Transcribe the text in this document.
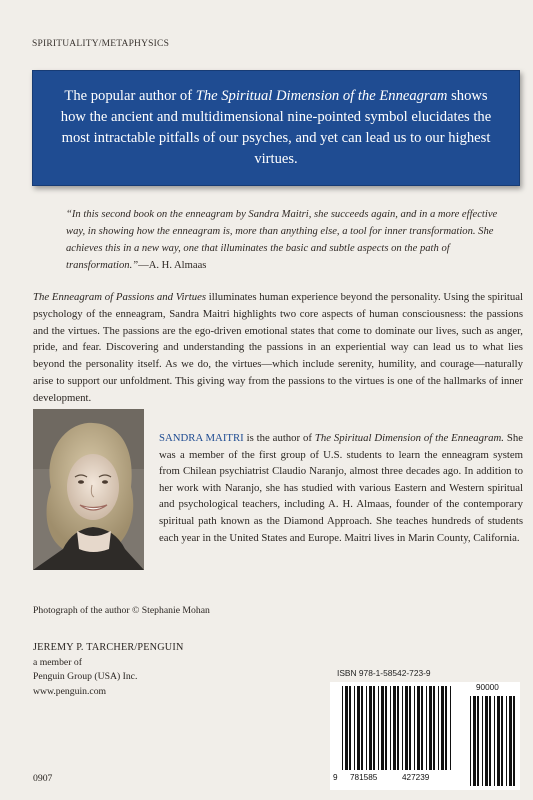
SPIRITUALITY/METAPHYSICS
The popular author of The Spiritual Dimension of the Enneagram shows how the ancient and multidimensional nine-pointed symbol elucidates the most intractable pitfalls of our psyches, and yet can lead us to our highest virtues.
“In this second book on the enneagram by Sandra Maitri, she succeeds again, and in a more effective way, in showing how the enneagram is, more than anything else, a tool for inner transformation. She achieves this in a new way, one that illuminates the basic and subtle aspects on the path of transformation.”—A. H. Almaas
The Enneagram of Passions and Virtues illuminates human experience beyond the personality. Using the spiritual psychology of the enneagram, Sandra Maitri highlights two core aspects of human consciousness: the passions and the virtues. The passions are the ego-driven emotional states that come to dominate our lives, such as anger, pride, and fear. Discovering and understanding the passions in an experiential way can lead us to what lies beyond the personality itself. As we do, the virtues—which include serenity, humility, and courage—naturally arise to support our unfoldment. This giving way from the passions to the virtues is one of the hallmarks of inner development.
SANDRA MAITRI is the author of The Spiritual Dimension of the Enneagram. She was a member of the first group of U.S. students to learn the enneagram system from Chilean psychiatrist Claudio Naranjo, almost three decades ago. In addition to her work with Naranjo, she has studied with various Eastern and Western spiritual and psychological teachers, including A. H. Almaas, founder of the contemporary spiritual path known as the Diamond Approach. She teaches hundreds of students each year in the United States and Europe. Maitri lives in Marin County, California.
Photograph of the author © Stephanie Mohan
JEREMY P. TARCHER/PENGUIN
a member of
Penguin Group (USA) Inc.
www.penguin.com
0907
ISBN 978-1-58542-723-9
9 781585	427239
90000
